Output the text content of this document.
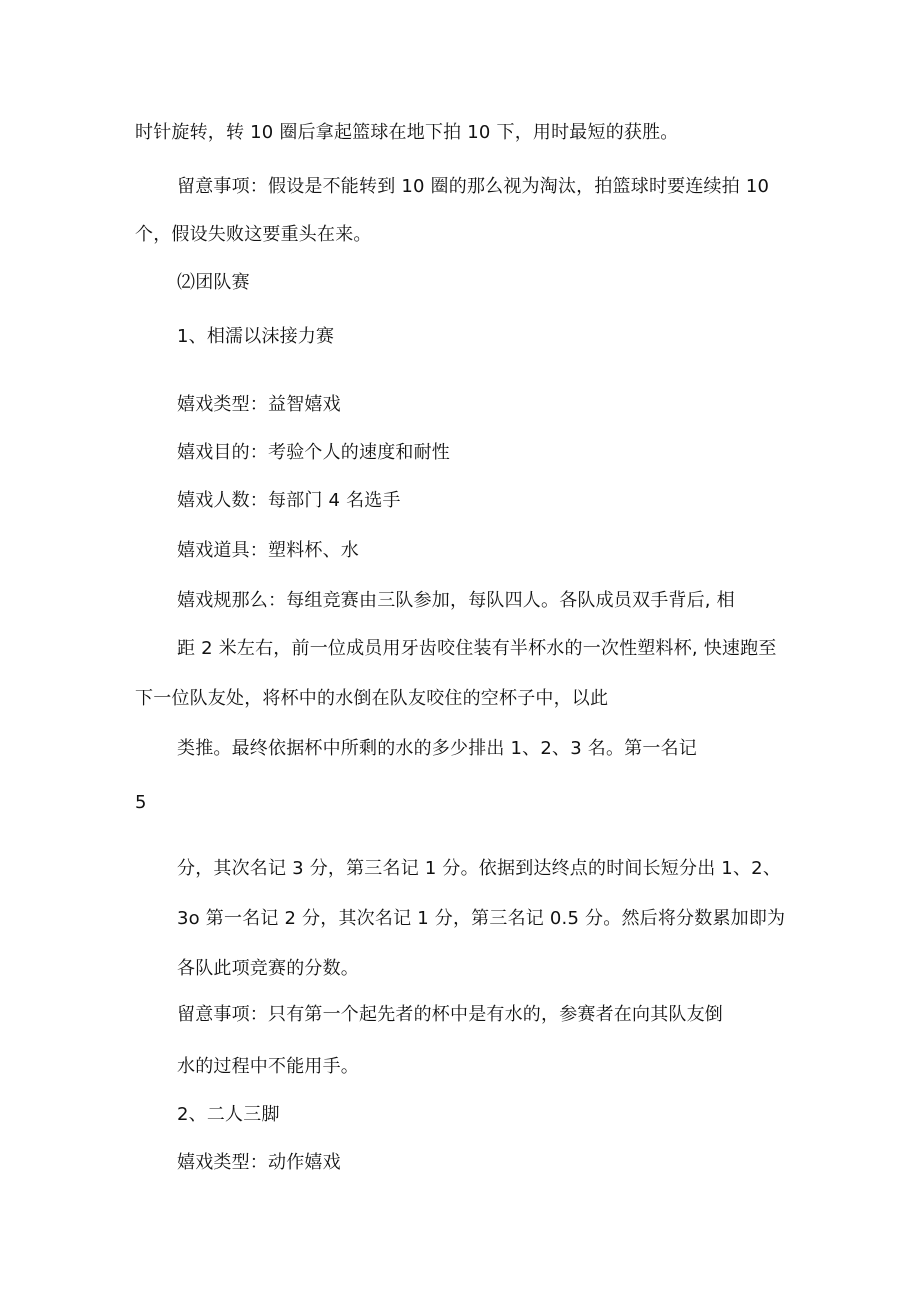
时针旋转，转 10 圈后拿起篮球在地下拍 10 下，用时最短的获胜。
留意事项：假设是不能转到 10 圈的那么视为淘汰，拍篮球时要连续拍 10
个，假设失败这要重头在来。
⑵团队赛
1、相濡以沫接力赛
嬉戏类型：益智嬉戏
嬉戏目的：考验个人的速度和耐性
嬉戏人数：每部门 4 名选手
嬉戏道具：塑料杯、水
嬉戏规那么：每组竞赛由三队参加，每队四人。各队成员双手背后, 相
距 2 米左右，前一位成员用牙齿咬住装有半杯水的一次性塑料杯, 快速跑至
下一位队友处，将杯中的水倒在队友咬住的空杯子中，以此
类推。最终依据杯中所剩的水的多少排出 1、2、3 名。第一名记
5
分，其次名记 3 分，第三名记 1 分。依据到达终点的时间长短分出 1、2、
3o 第一名记 2 分，其次名记 1 分，第三名记 0.5 分。然后将分数累加即为
各队此项竞赛的分数。
留意事项：只有第一个起先者的杯中是有水的，参赛者在向其队友倒
水的过程中不能用手。
2、二人三脚
嬉戏类型：动作嬉戏
